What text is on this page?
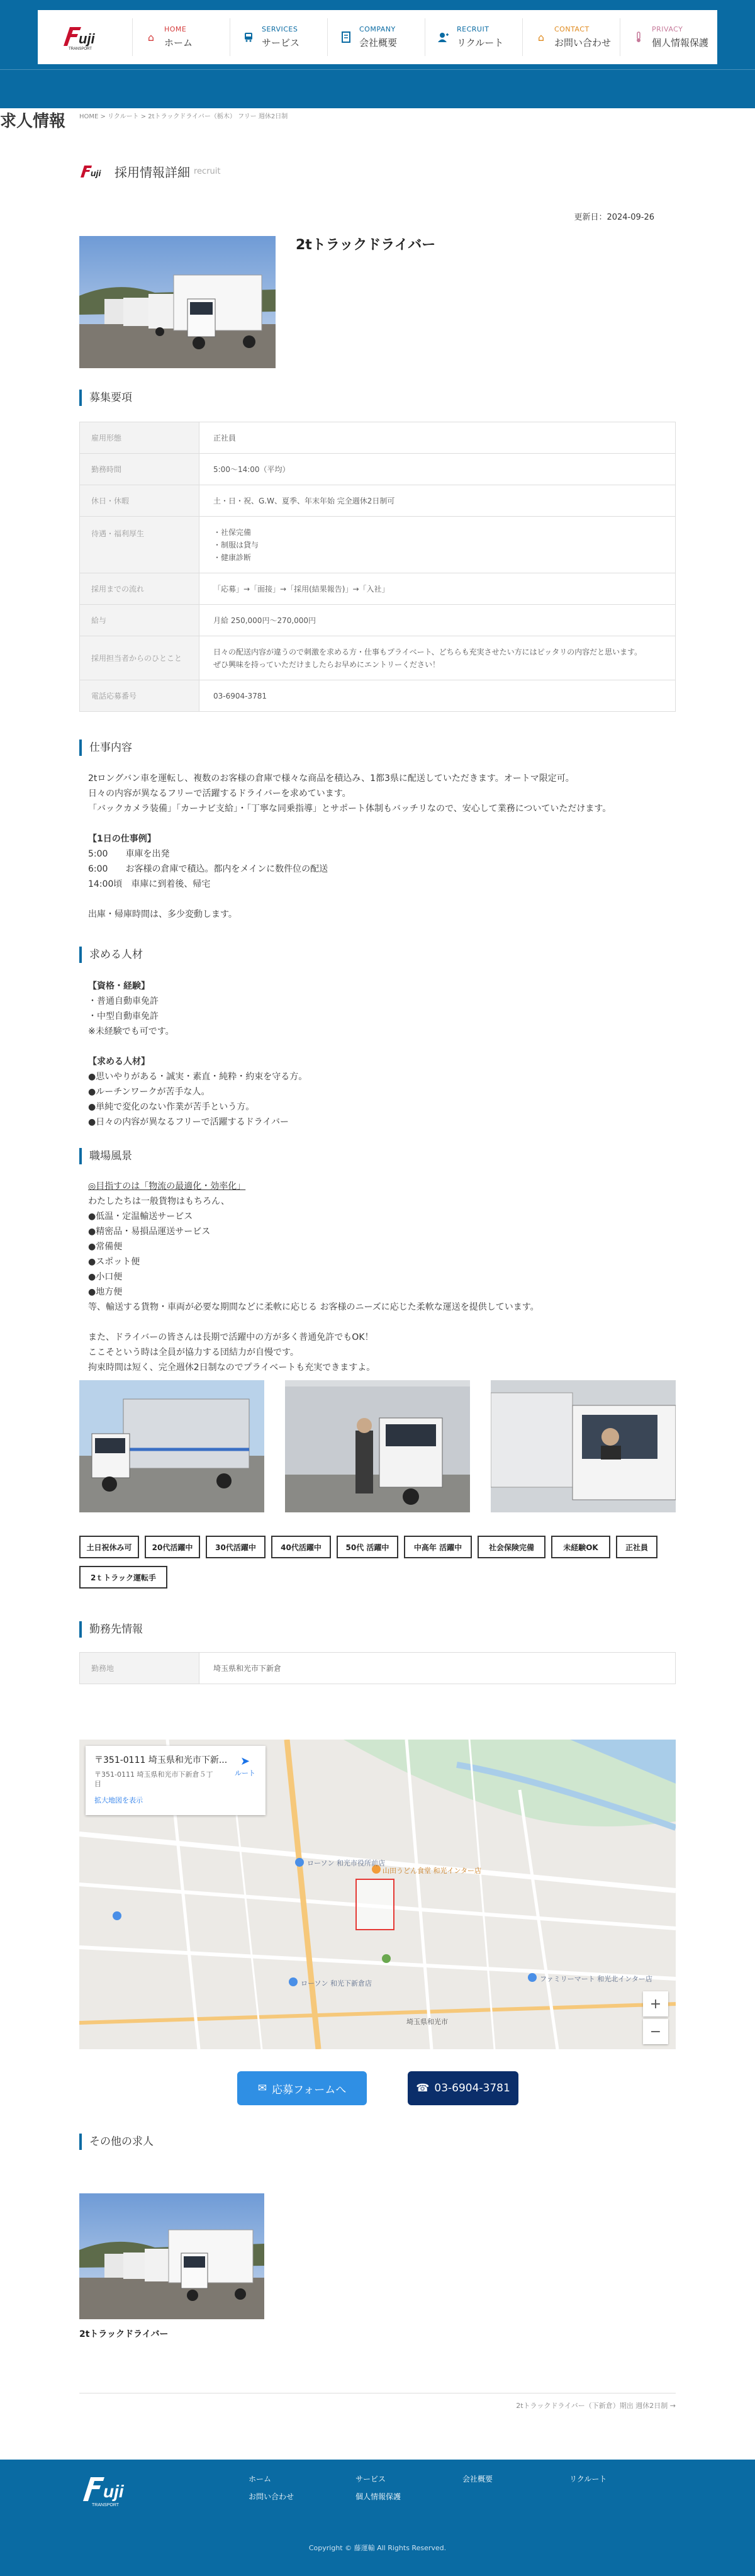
uji
TRANSPORT
⌂
HOME
ホーム
SERVICES
サービス
COMPANY
会社概要
RECRUIT
リクルート	⌂
CONTACT
お問い合わせ
PRIVACY
個人情報保護
求人情報	HOME > リクルート > 2tトラックドライバー（栃木） フリー 週休2日制
uji 採用情報詳細 recruit
更新日：2024-09-26
2tトラックドライバー
募集要項
雇用形態	正社員
勤務時間	5:00～14:00（平均）
休日・休暇	土・日・祝、G.W、夏季、年末年始 完全週休2日制可
待遇・福利厚生	・社保完備
・制服は貸与
・健康診断

採用までの流れ	「応募」→「面接」→「採用(結果報告)」→「入社」
給与	月給 250,000円～270,000円
採用担当者からのひとこと	日々の配送内容が違うので刺激を求める方・仕事もプライベート、どちらも充実させたい方にはピッタリの内容だと思います。
ぜひ興味を持っていただけましたらお早めにエントリーください！

電話応募番号	03-6904-3781
仕事内容
2tロングバン車を運転し、複数のお客様の倉庫で様々な商品を積込み、1都3県に配送していただきます。オートマ限定可。
日々の内容が異なるフリーで活躍するドライバーを求めています。
「バックカメラ装備」「カーナビ支給」・「丁寧な同乗指導」とサポート体制もバッチリなので、安心して業務についていただけます。

【1日の仕事例】
5:00　　車庫を出発
6:00　　お客様の倉庫で積込。都内をメインに数件位の配送
14:00頃　車庫に到着後、帰宅

出庫・帰庫時間は、多少変動します。
求める人材
【資格・経験】
・普通自動車免許
・中型自動車免許
※未経験でも可です。

【求める人材】
●思いやりがある・誠実・素直・純粋・約束を守る方。
●ルーチンワークが苦手な人。
●単純で変化のない作業が苦手という方。
●日々の内容が異なるフリーで活躍するドライバー
職場風景
◎目指すのは「物流の最適化・効率化」
わたしたちは一般貨物はもちろん、
●低温・定温輸送サービス
●精密品・易損品運送サービス
●常備便
●スポット便
●小口便
●地方便
等、輸送する貨物・車両が必要な期間などに柔軟に応じる お客様のニーズに応じた柔軟な運送を提供しています。

また、ドライバーの皆さんは長期で活躍中の方が多く普通免許でもOK！
ここそという時は全員が協力する団結力が自慢です。
拘束時間は短く、完全週休2日制なのでプライベートも充実できますよ。
土日祝休み可	20代活躍中	30代活躍中	40代活躍中	50代 活躍中	中高年 活躍中	社会保険完備	未経験OK	正社員
2ｔトラック運転手
勤務先情報
勤務地	埼玉県和光市下新倉
ローソン 和光市役所前店
山田うどん食堂 和光インター店
ファミリーマート 和光北インター店
ローソン 和光下新倉店
埼玉県和光市
〒351-0111 埼玉県和光市下新...
〒351-0111 埼玉県和光市下新倉５丁目
拡大地図を表示
➤
ルート
+
−
✉ 応募フォームへ	☎ 03-6904-3781
その他の求人
2tトラックドライバー
2tトラックドライバー（下新倉）期出 週休2日制 →
uji
TRANSPORT
ホーム	サービス	会社概要	リクルート
お問い合わせ	個人情報保護
Copyright © 藤運輸 All Rights Reserved.
